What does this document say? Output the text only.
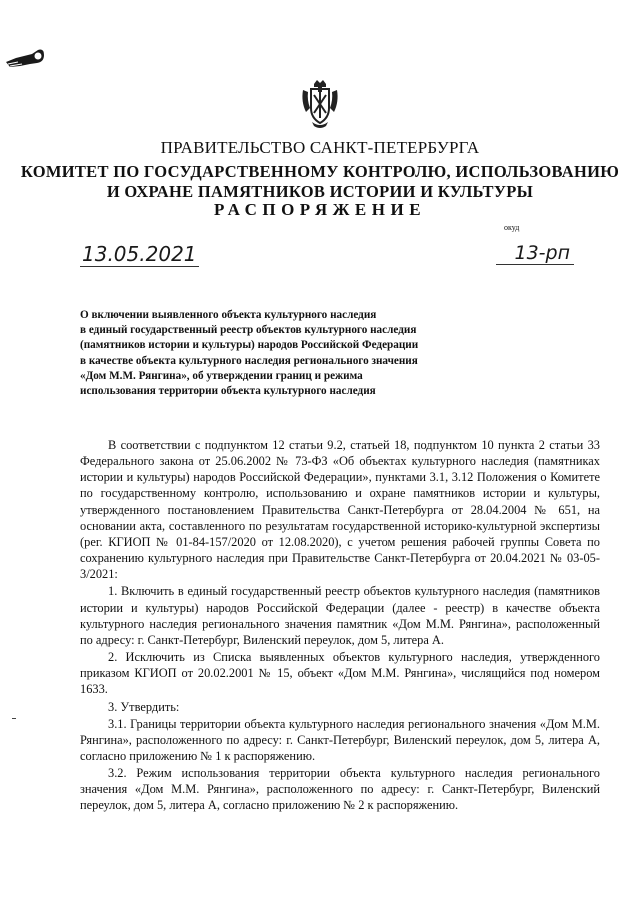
ПРАВИТЕЛЬСТВО САНКТ-ПЕТЕРБУРГА
КОМИТЕТ ПО ГОСУДАРСТВЕННОМУ КОНТРОЛЮ, ИСПОЛЬЗОВАНИЮ
И ОХРАНЕ ПАМЯТНИКОВ ИСТОРИИ И КУЛЬТУРЫ
РАСПОРЯЖЕНИЕ
окуд
13.05.2021	13-рп
О включении выявленного объекта культурного наследия
в единый государственный реестр объектов культурного наследия
(памятников истории и культуры) народов Российской Федерации
в качестве объекта культурного наследия регионального значения
«Дом М.М. Рянгина», об утверждении границ и режима
использования территории объекта культурного наследия

В соответствии с подпунктом 12 статьи 9.2, статьей 18, подпунктом 10 пункта 2 статьи 33 Федерального закона от 25.06.2002 № 73-ФЗ «Об объектах культурного наследия (памятниках истории и культуры) народов Российской Федерации», пунктами 3.1, 3.12 Положения о Комитете по государственному контролю, использованию и охране памятников истории и культуры, утвержденного постановлением Правительства Санкт-Петербурга от 28.04.2004 № 651, на основании акта, составленного по результатам государственной историко-культурной экспертизы (рег. КГИОП № 01-84-157/2020 от 12.08.2020), с учетом решения рабочей группы Совета по сохранению культурного наследия при Правительстве Санкт-Петербурга от 20.04.2021 № 03-05-3/2021:

1. Включить в единый государственный реестр объектов культурного наследия (памятников истории и культуры) народов Российской Федерации (далее - реестр) в качестве объекта культурного наследия регионального значения памятник «Дом М.М. Рянгина», расположенный по адресу: г. Санкт-Петербург, Виленский переулок, дом 5, литера А.

2. Исключить из Списка выявленных объектов культурного наследия, утвержденного приказом КГИОП от 20.02.2001 № 15, объект «Дом М.М. Рянгина», числящийся под номером 1633.

3. Утвердить:

3.1. Границы территории объекта культурного наследия регионального значения «Дом М.М. Рянгина», расположенного по адресу: г. Санкт-Петербург, Виленский переулок, дом 5, литера А, согласно приложению № 1 к распоряжению.

3.2. Режим использования территории объекта культурного наследия регионального значения «Дом М.М. Рянгина», расположенного по адресу: г. Санкт-Петербург, Виленский переулок, дом 5, литера А, согласно приложению № 2 к распоряжению.
